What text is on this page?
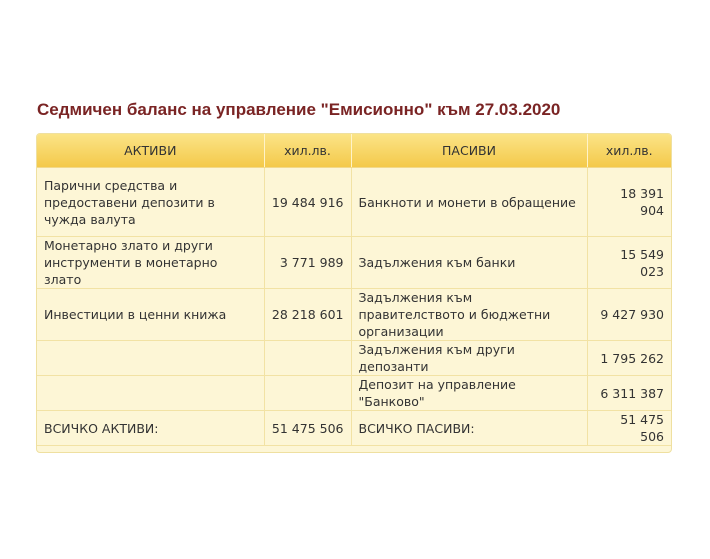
Седмичен баланс на управление "Емисионно" към 27.03.2020
АКТИВИ	хил.лв.	ПАСИВИ	хил.лв.
Парични средства и предоставени депозити в чужда валута	19 484 916	Банкноти и монети в обращение	18 391 904
Монетарно злато и други инструменти в монетарно злато	3 771 989	Задължения към банки	15 549 023
Инвестиции в ценни книжа	28 218 601	Задължения към правителството и бюджетни организации	9 427 930
		Задължения към други депозанти	1 795 262
		Депозит на управление "Банково"	6 311 387
ВСИЧКО АКТИВИ:	51 475 506	ВСИЧКО ПАСИВИ:	51 475 506
